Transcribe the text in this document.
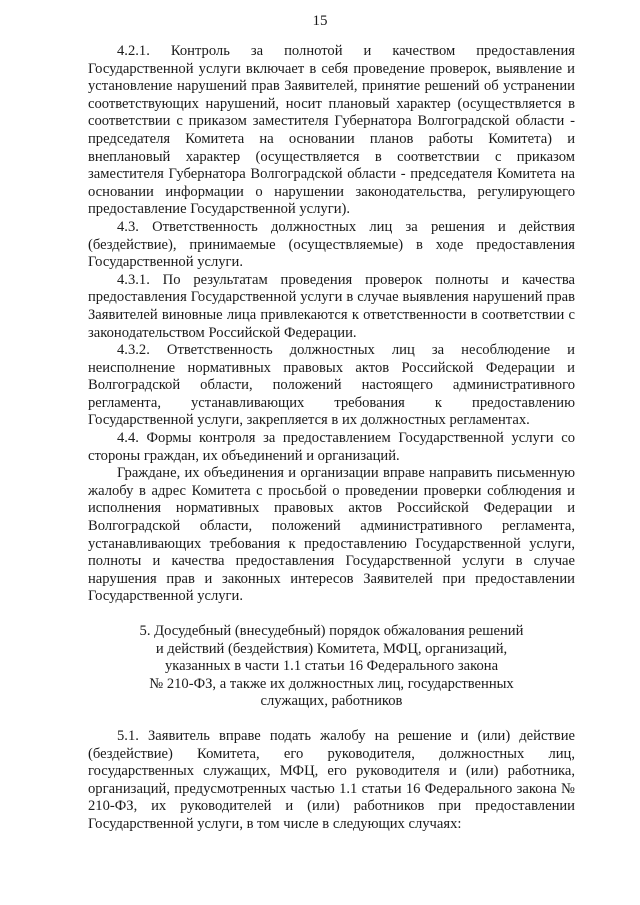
15

4.2.1. Контроль за полнотой и качеством предоставления Государственной услуги включает в себя проведение проверок, выявление и установление нарушений прав Заявителей, принятие решений об устранении соответствующих нарушений, носит плановый характер (осуществляется в соответствии с приказом заместителя Губернатора Волгоградской области - председателя Комитета на основании планов работы Комитета) и внеплановый характер (осуществляется в соответствии с приказом заместителя Губернатора Волгоградской области - председателя Комитета на основании информации о нарушении законодательства, регулирующего предоставление Государственной услуги).

4.3. Ответственность должностных лиц за решения и действия (бездействие), принимаемые (осуществляемые) в ходе предоставления Государственной услуги.

4.3.1. По результатам проведения проверок полноты и качества предоставления Государственной услуги в случае выявления нарушений прав Заявителей виновные лица привлекаются к ответственности в соответствии с законодательством Российской Федерации.

4.3.2. Ответственность должностных лиц за несоблюдение и неисполнение нормативных правовых актов Российской Федерации и Волгоградской области, положений настоящего административного регламента, устанавливающих требования к предоставлению Государственной услуги, закрепляется в их должностных регламентах.

4.4. Формы контроля за предоставлением Государственной услуги со стороны граждан, их объединений и организаций.

Граждане, их объединения и организации вправе направить письменную жалобу в адрес Комитета с просьбой о проведении проверки соблюдения и исполнения нормативных правовых актов Российской Федерации и Волгоградской области, положений административного регламента, устанавливающих требования к предоставлению Государственной услуги, полноты и качества предоставления Государственной услуги в случае нарушения прав и законных интересов Заявителей при предоставлении Государственной услуги.

5. Досудебный (внесудебный) порядок обжалования решений
и действий (бездействия) Комитета, МФЦ, организаций,
указанных в части 1.1 статьи 16 Федерального закона
№ 210-ФЗ, а также их должностных лиц, государственных
служащих, работников

5.1. Заявитель вправе подать жалобу на решение и (или) действие (бездействие) Комитета, его руководителя, должностных лиц, государственных служащих, МФЦ, его руководителя и (или) работника, организаций, предусмотренных частью 1.1 статьи 16 Федерального закона № 210-ФЗ, их руководителей и (или) работников при предоставлении Государственной услуги, в том числе в следующих случаях:
